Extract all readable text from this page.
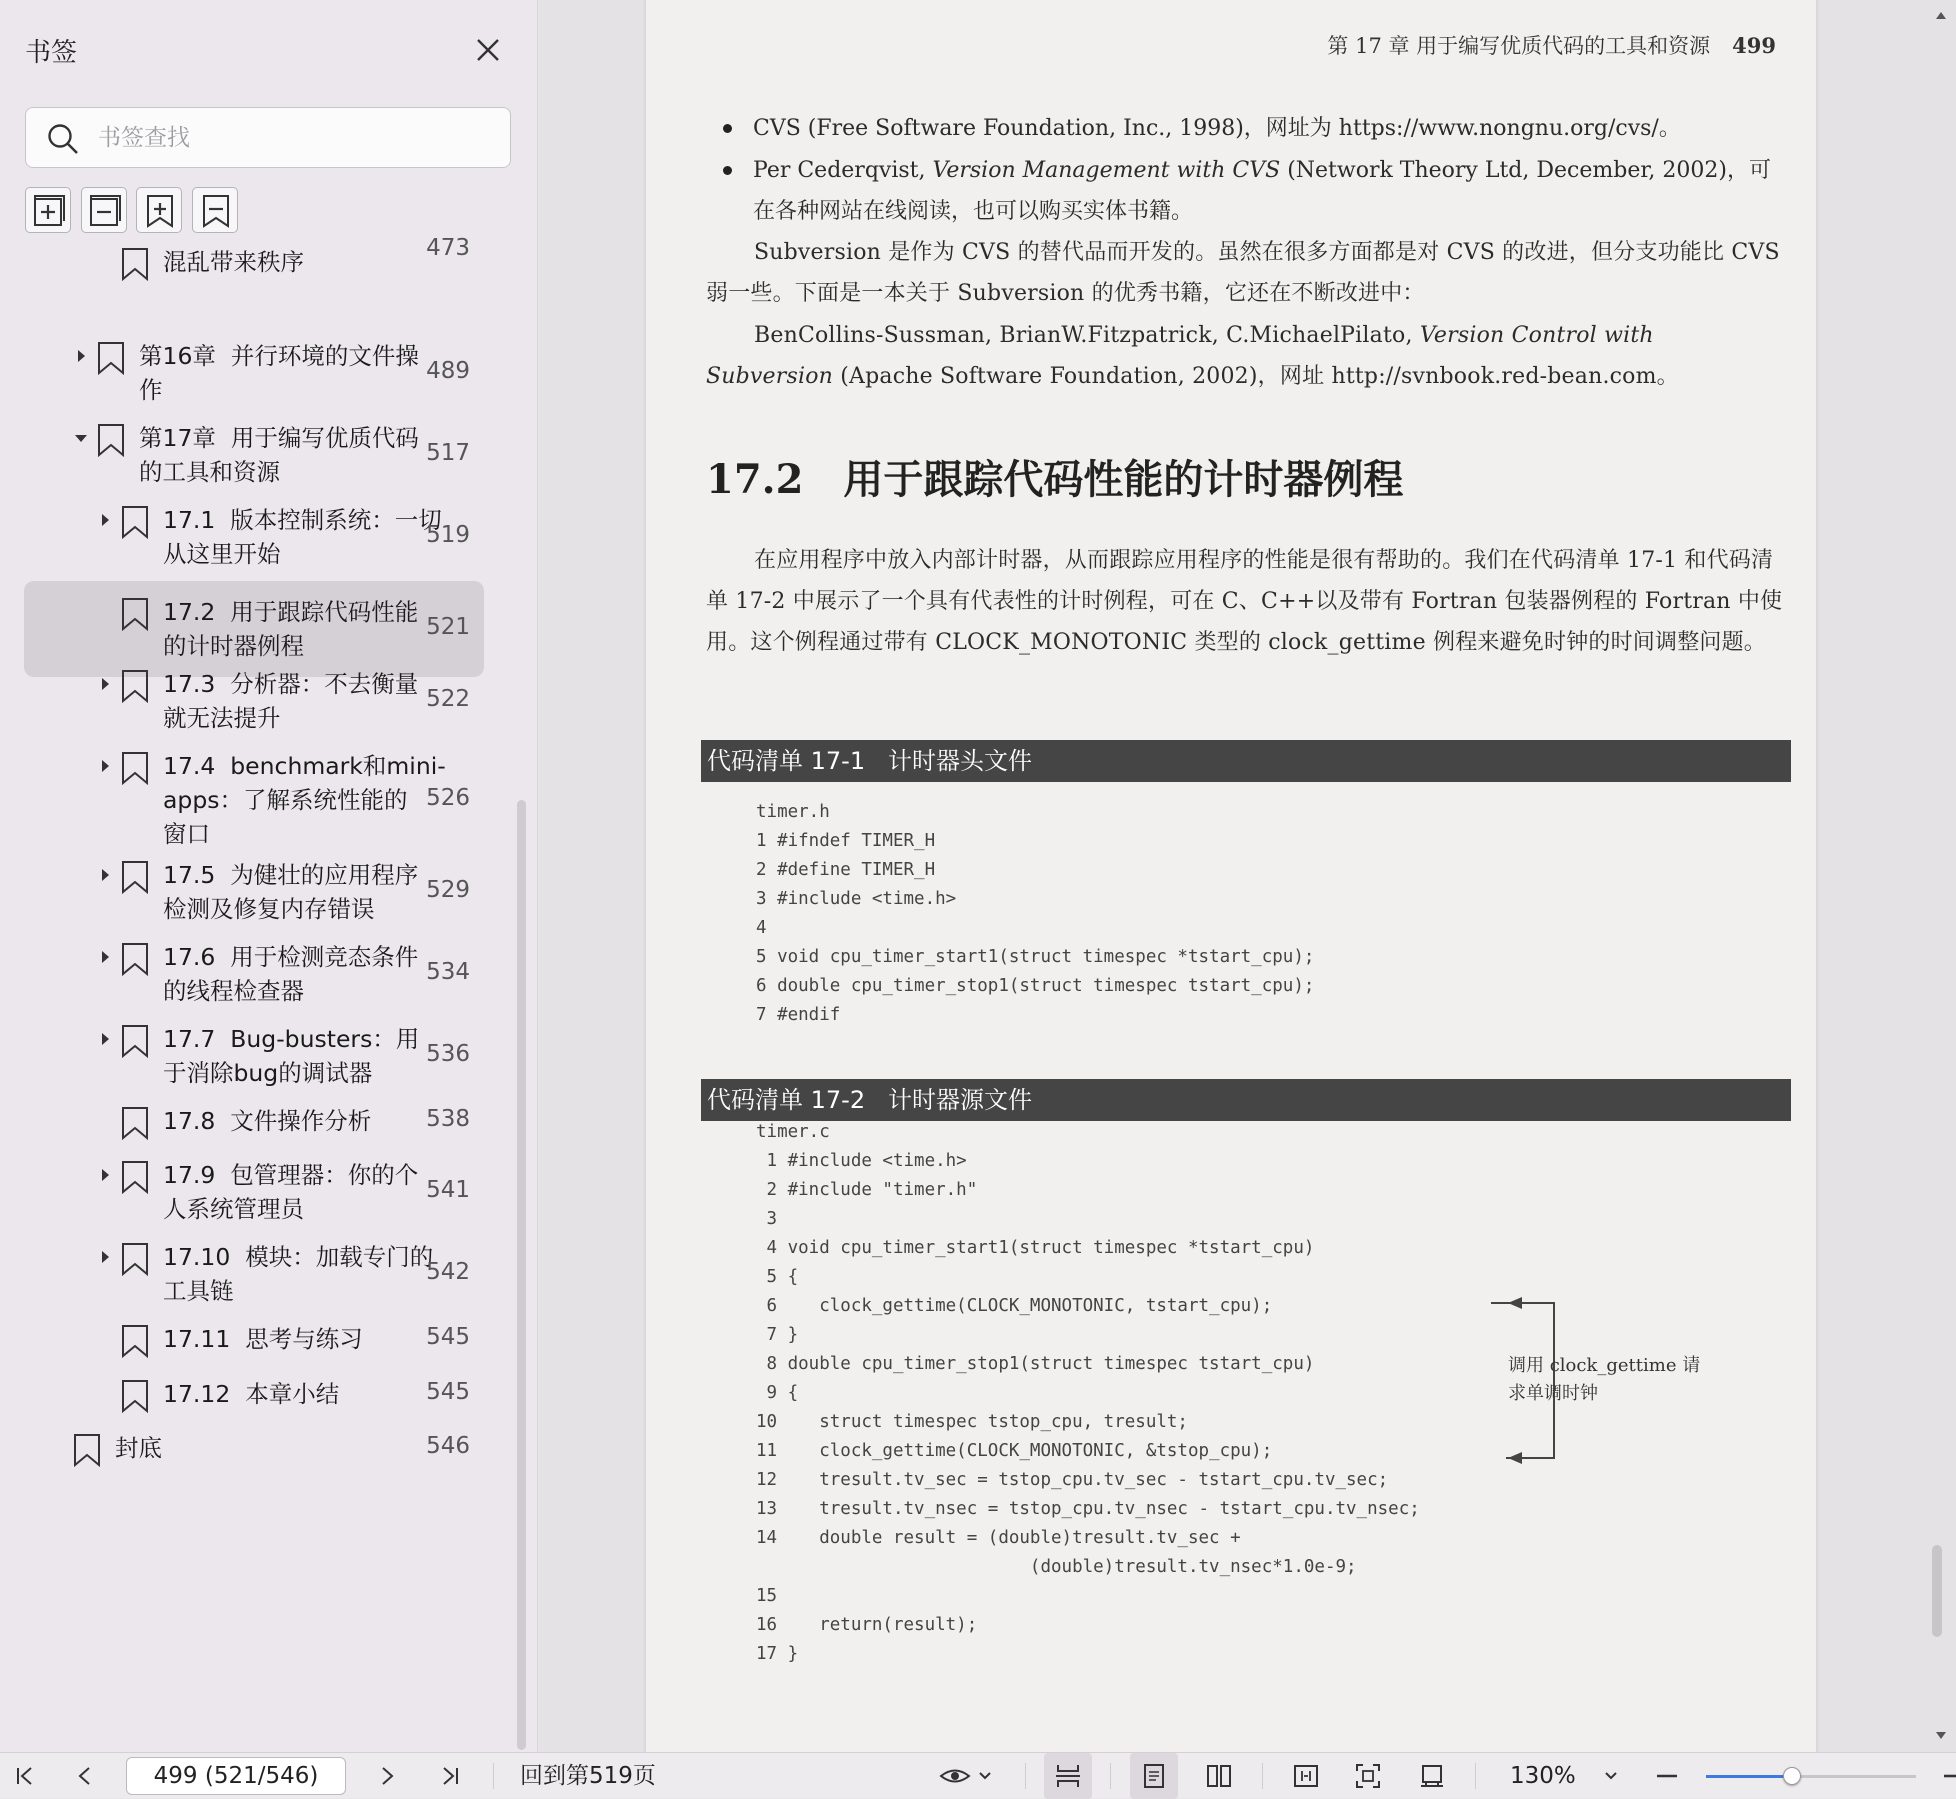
书签
书签查找
混乱带来秩序	473
第16章  并行环境的文件操
作
489
第17章  用于编写优质代码
的工具和资源
517
17.1  版本控制系统：一切
从这里开始
519
17.2  用于跟踪代码性能
的计时器例程
521
17.3  分析器：不去衡量
就无法提升
522
17.4  benchmark和mini-
apps：了解系统性能的
窗口
526
17.5  为健壮的应用程序
检测及修复内存错误
529
17.6  用于检测竞态条件
的线程检查器
534
17.7  Bug-busters：用
于消除bug的调试器
536
17.8  文件操作分析 538
17.9  包管理器：你的个
人系统管理员
541
17.10  模块：加载专门的
工具链
542
17.11  思考与练习	545
17.12  本章小结	545
封底	546
第 17 章 用于编写优质代码的工具和资源 499
CVS (Free Software Foundation, Inc., 1998)，网址为 https://www.nongnu.org/cvs/。
Per Cederqvist, Version Management with CVS (Network Theory Ltd, December, 2002)，可在各种网站在线阅读，也可以购买实体书籍。
Subversion 是作为 CVS 的替代品而开发的。虽然在很多方面都是对 CVS 的改进，但分支功能比 CVS 弱一些。下面是一本关于 Subversion 的优秀书籍，它还在不断改进中：
BenCollins-Sussman, BrianW.Fitzpatrick, C.MichaelPilato, Version Control with Subversion (Apache Software Foundation, 2002)，网址 http://svnbook.red-bean.com。
17.2 用于跟踪代码性能的计时器例程
在应用程序中放入内部计时器，从而跟踪应用程序的性能是很有帮助的。我们在代码清单 17-1 和代码清单 17-2 中展示了一个具有代表性的计时例程，可在 C、C++以及带有 Fortran 包装器例程的 Fortran 中使用。这个例程通过带有 CLOCK_MONOTONIC 类型的 clock_gettime 例程来避免时钟的时间调整问题。
代码清单 17-1   计时器头文件
timer.h
1 #ifndef TIMER_H
2 #define TIMER_H
3 #include <time.h>
4
5 void cpu_timer_start1(struct timespec *tstart_cpu);
6 double cpu_timer_stop1(struct timespec tstart_cpu);
7 #endif
代码清单 17-2   计时器源文件
timer.c
1 #include <time.h>
2 #include "timer.h"
3
4 void cpu_timer_start1(struct timespec *tstart_cpu)
5 {
6    clock_gettime(CLOCK_MONOTONIC, tstart_cpu);
7 }
8 double cpu_timer_stop1(struct timespec tstart_cpu)
9 {
10    struct timespec tstop_cpu, tresult;
11    clock_gettime(CLOCK_MONOTONIC, &tstop_cpu);
12    tresult.tv_sec = tstop_cpu.tv_sec - tstart_cpu.tv_sec;
13    tresult.tv_nsec = tstop_cpu.tv_nsec - tstart_cpu.tv_nsec;
14    double result = (double)tresult.tv_sec +
(double)tresult.tv_nsec*1.0e-9;
15
16    return(result);
17 }
调用 clock_gettime 请求单调时钟
499 (521/546)	回到第519页	130%
